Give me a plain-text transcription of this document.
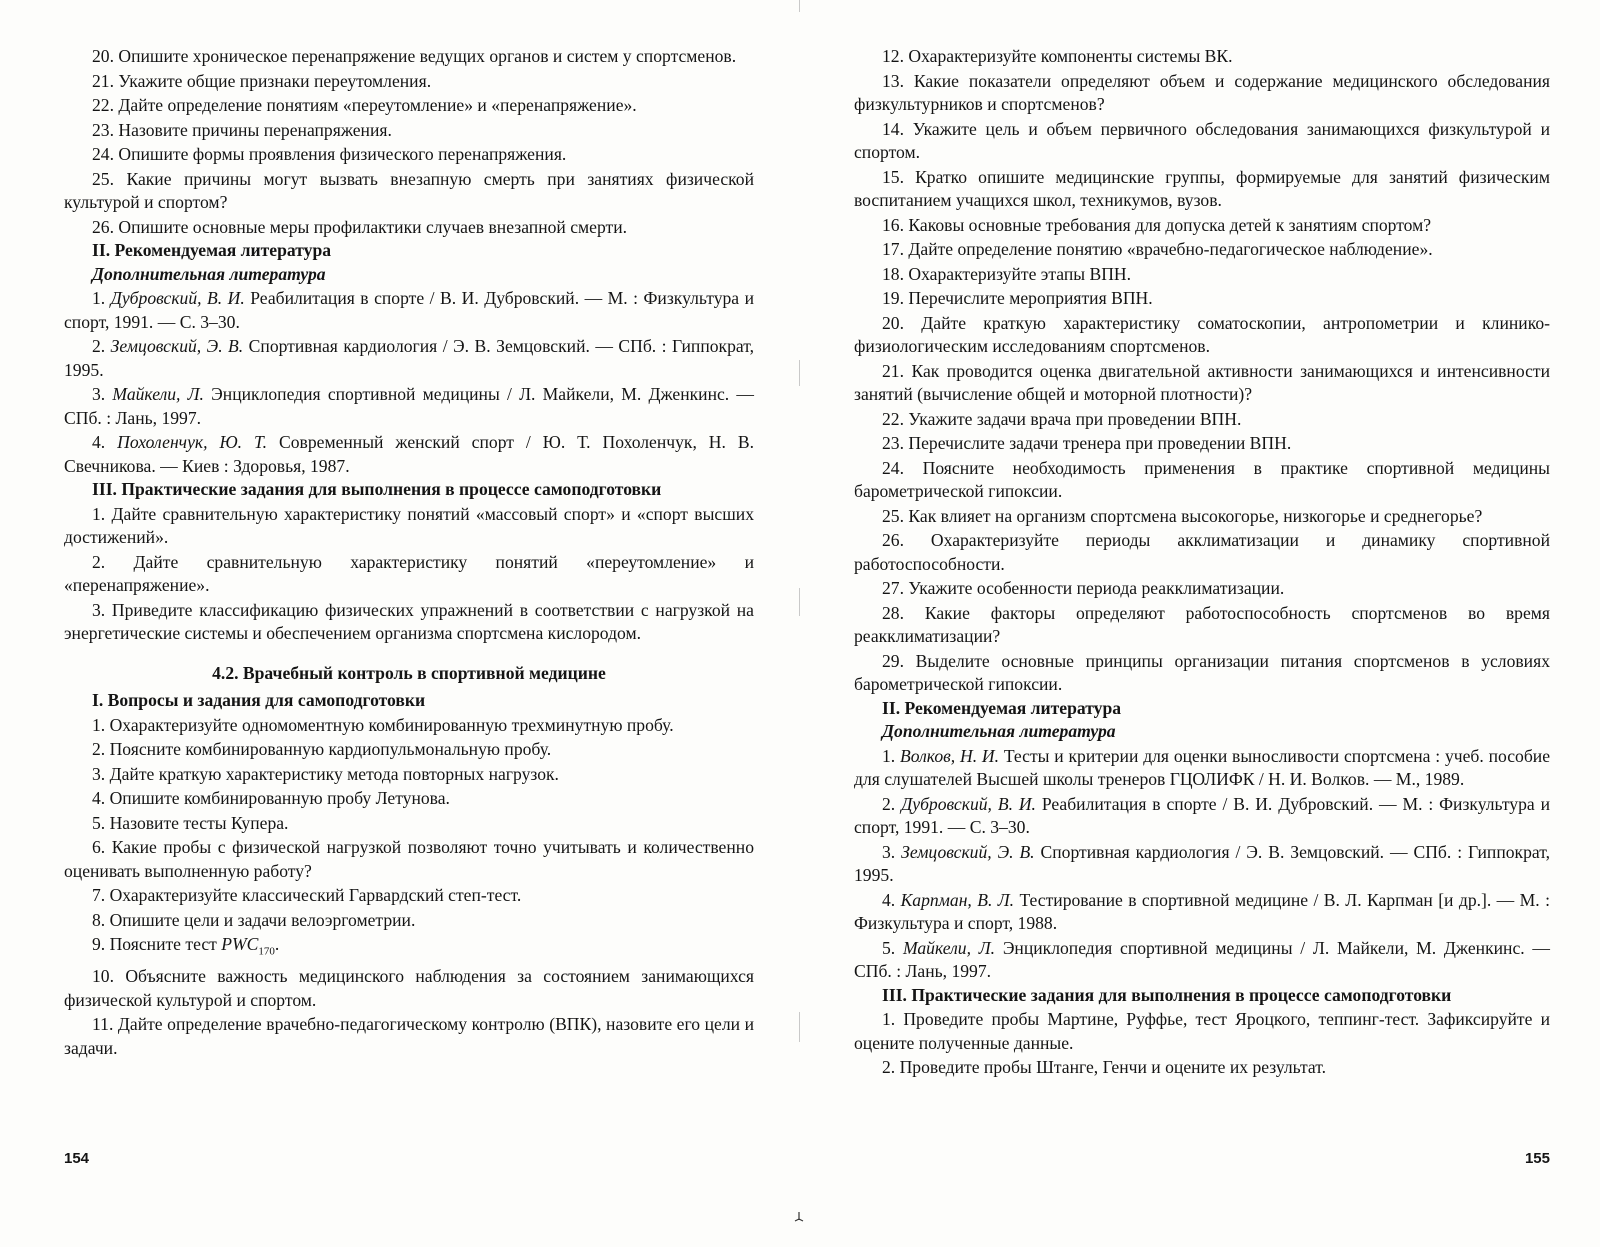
20. Опишите хроническое перенапряжение ведущих органов и систем у спортсменов.

21. Укажите общие признаки переутомления.

22. Дайте определение понятиям «переутомление» и «перенапряжение».

23. Назовите причины перенапряжения.

24. Опишите формы проявления физического перенапряжения.

25. Какие причины могут вызвать внезапную смерть при занятиях физической культурой и спортом?

26. Опишите основные меры профилактики случаев внезапной смерти.

II. Рекомендуемая литература

Дополнительная литература

1. Дубровский, В. И. Реабилитация в спорте / В. И. Дубровский. — М. : Физкультура и спорт, 1991. — С. 3–30.

2. Земцовский, Э. В. Спортивная кардиология / Э. В. Земцовский. — СПб. : Гиппократ, 1995.

3. Майкели, Л. Энциклопедия спортивной медицины / Л. Майкели, М. Дженкинс. — СПб. : Лань, 1997.

4. Похоленчук, Ю. Т. Современный женский спорт / Ю. Т. Похоленчук, Н. В. Свечникова. — Киев : Здоровья, 1987.

III. Практические задания для выполнения в процессе самоподготовки

1. Дайте сравнительную характеристику понятий «массовый спорт» и «спорт высших достижений».

2. Дайте сравнительную характеристику понятий «переутомление» и «перенапряжение».

3. Приведите классификацию физических упражнений в соответствии с нагрузкой на энергетические системы и обеспечением организма спортсмена кислородом.

4.2. Врачебный контроль в спортивной медицине

I. Вопросы и задания для самоподготовки

1. Охарактеризуйте одномоментную комбинированную трехминутную пробу.

2. Поясните комбинированную кардиопульмональную пробу.

3. Дайте краткую характеристику метода повторных нагрузок.

4. Опишите комбинированную пробу Летунова.

5. Назовите тесты Купера.

6. Какие пробы с физической нагрузкой позволяют точно учитывать и количественно оценивать выполненную работу?

7. Охарактеризуйте классический Гарвардский степ-тест.

8. Опишите цели и задачи велоэргометрии.

9. Поясните тест $PWC_{170}$.

10. Объясните важность медицинского наблюдения за состоянием занимающихся физической культурой и спортом.

11. Дайте определение врачебно-педагогическому контролю (ВПК), назовите его цели и задачи.

154

12. Охарактеризуйте компоненты системы ВК.

13. Какие показатели определяют объем и содержание медицинского обследования физкультурников и спортсменов?

14. Укажите цель и объем первичного обследования занимающихся физкультурой и спортом.

15. Кратко опишите медицинские группы, формируемые для занятий физическим воспитанием учащихся школ, техникумов, вузов.

16. Каковы основные требования для допуска детей к занятиям спортом?

17. Дайте определение понятию «врачебно-педагогическое наблюдение».

18. Охарактеризуйте этапы ВПН.

19. Перечислите мероприятия ВПН.

20. Дайте краткую характеристику соматоскопии, антропометрии и клинико-физиологическим исследованиям спортсменов.

21. Как проводится оценка двигательной активности занимающихся и интенсивности занятий (вычисление общей и моторной плотности)?

22. Укажите задачи врача при проведении ВПН.

23. Перечислите задачи тренера при проведении ВПН.

24. Поясните необходимость применения в практике спортивной медицины барометрической гипоксии.

25. Как влияет на организм спортсмена высокогорье, низкогорье и среднегорье?

26. Охарактеризуйте периоды акклиматизации и динамику спортивной работоспособности.

27. Укажите особенности периода реакклиматизации.

28. Какие факторы определяют работоспособность спортсменов во время реакклиматизации?

29. Выделите основные принципы организации питания спортсменов в условиях барометрической гипоксии.

II. Рекомендуемая литература

Дополнительная литература

1. Волков, Н. И. Тесты и критерии для оценки выносливости спортсмена : учеб. пособие для слушателей Высшей школы тренеров ГЦОЛИФК / Н. И. Волков. — М., 1989.

2. Дубровский, В. И. Реабилитация в спорте / В. И. Дубровский. — М. : Физкультура и спорт, 1991. — С. 3–30.

3. Земцовский, Э. В. Спортивная кардиология / Э. В. Земцовский. — СПб. : Гиппократ, 1995.

4. Карпман, В. Л. Тестирование в спортивной медицине / В. Л. Карпман [и др.]. — М. : Физкультура и спорт, 1988.

5. Майкели, Л. Энциклопедия спортивной медицины / Л. Майкели, М. Дженкинс. — СПб. : Лань, 1997.

III. Практические задания для выполнения в процессе самоподготовки

1. Проведите пробы Мартине, Руффье, тест Яроцкого, теппинг-тест. Зафиксируйте и оцените полученные данные.

2. Проведите пробы Штанге, Генчи и оцените их результат.

155
